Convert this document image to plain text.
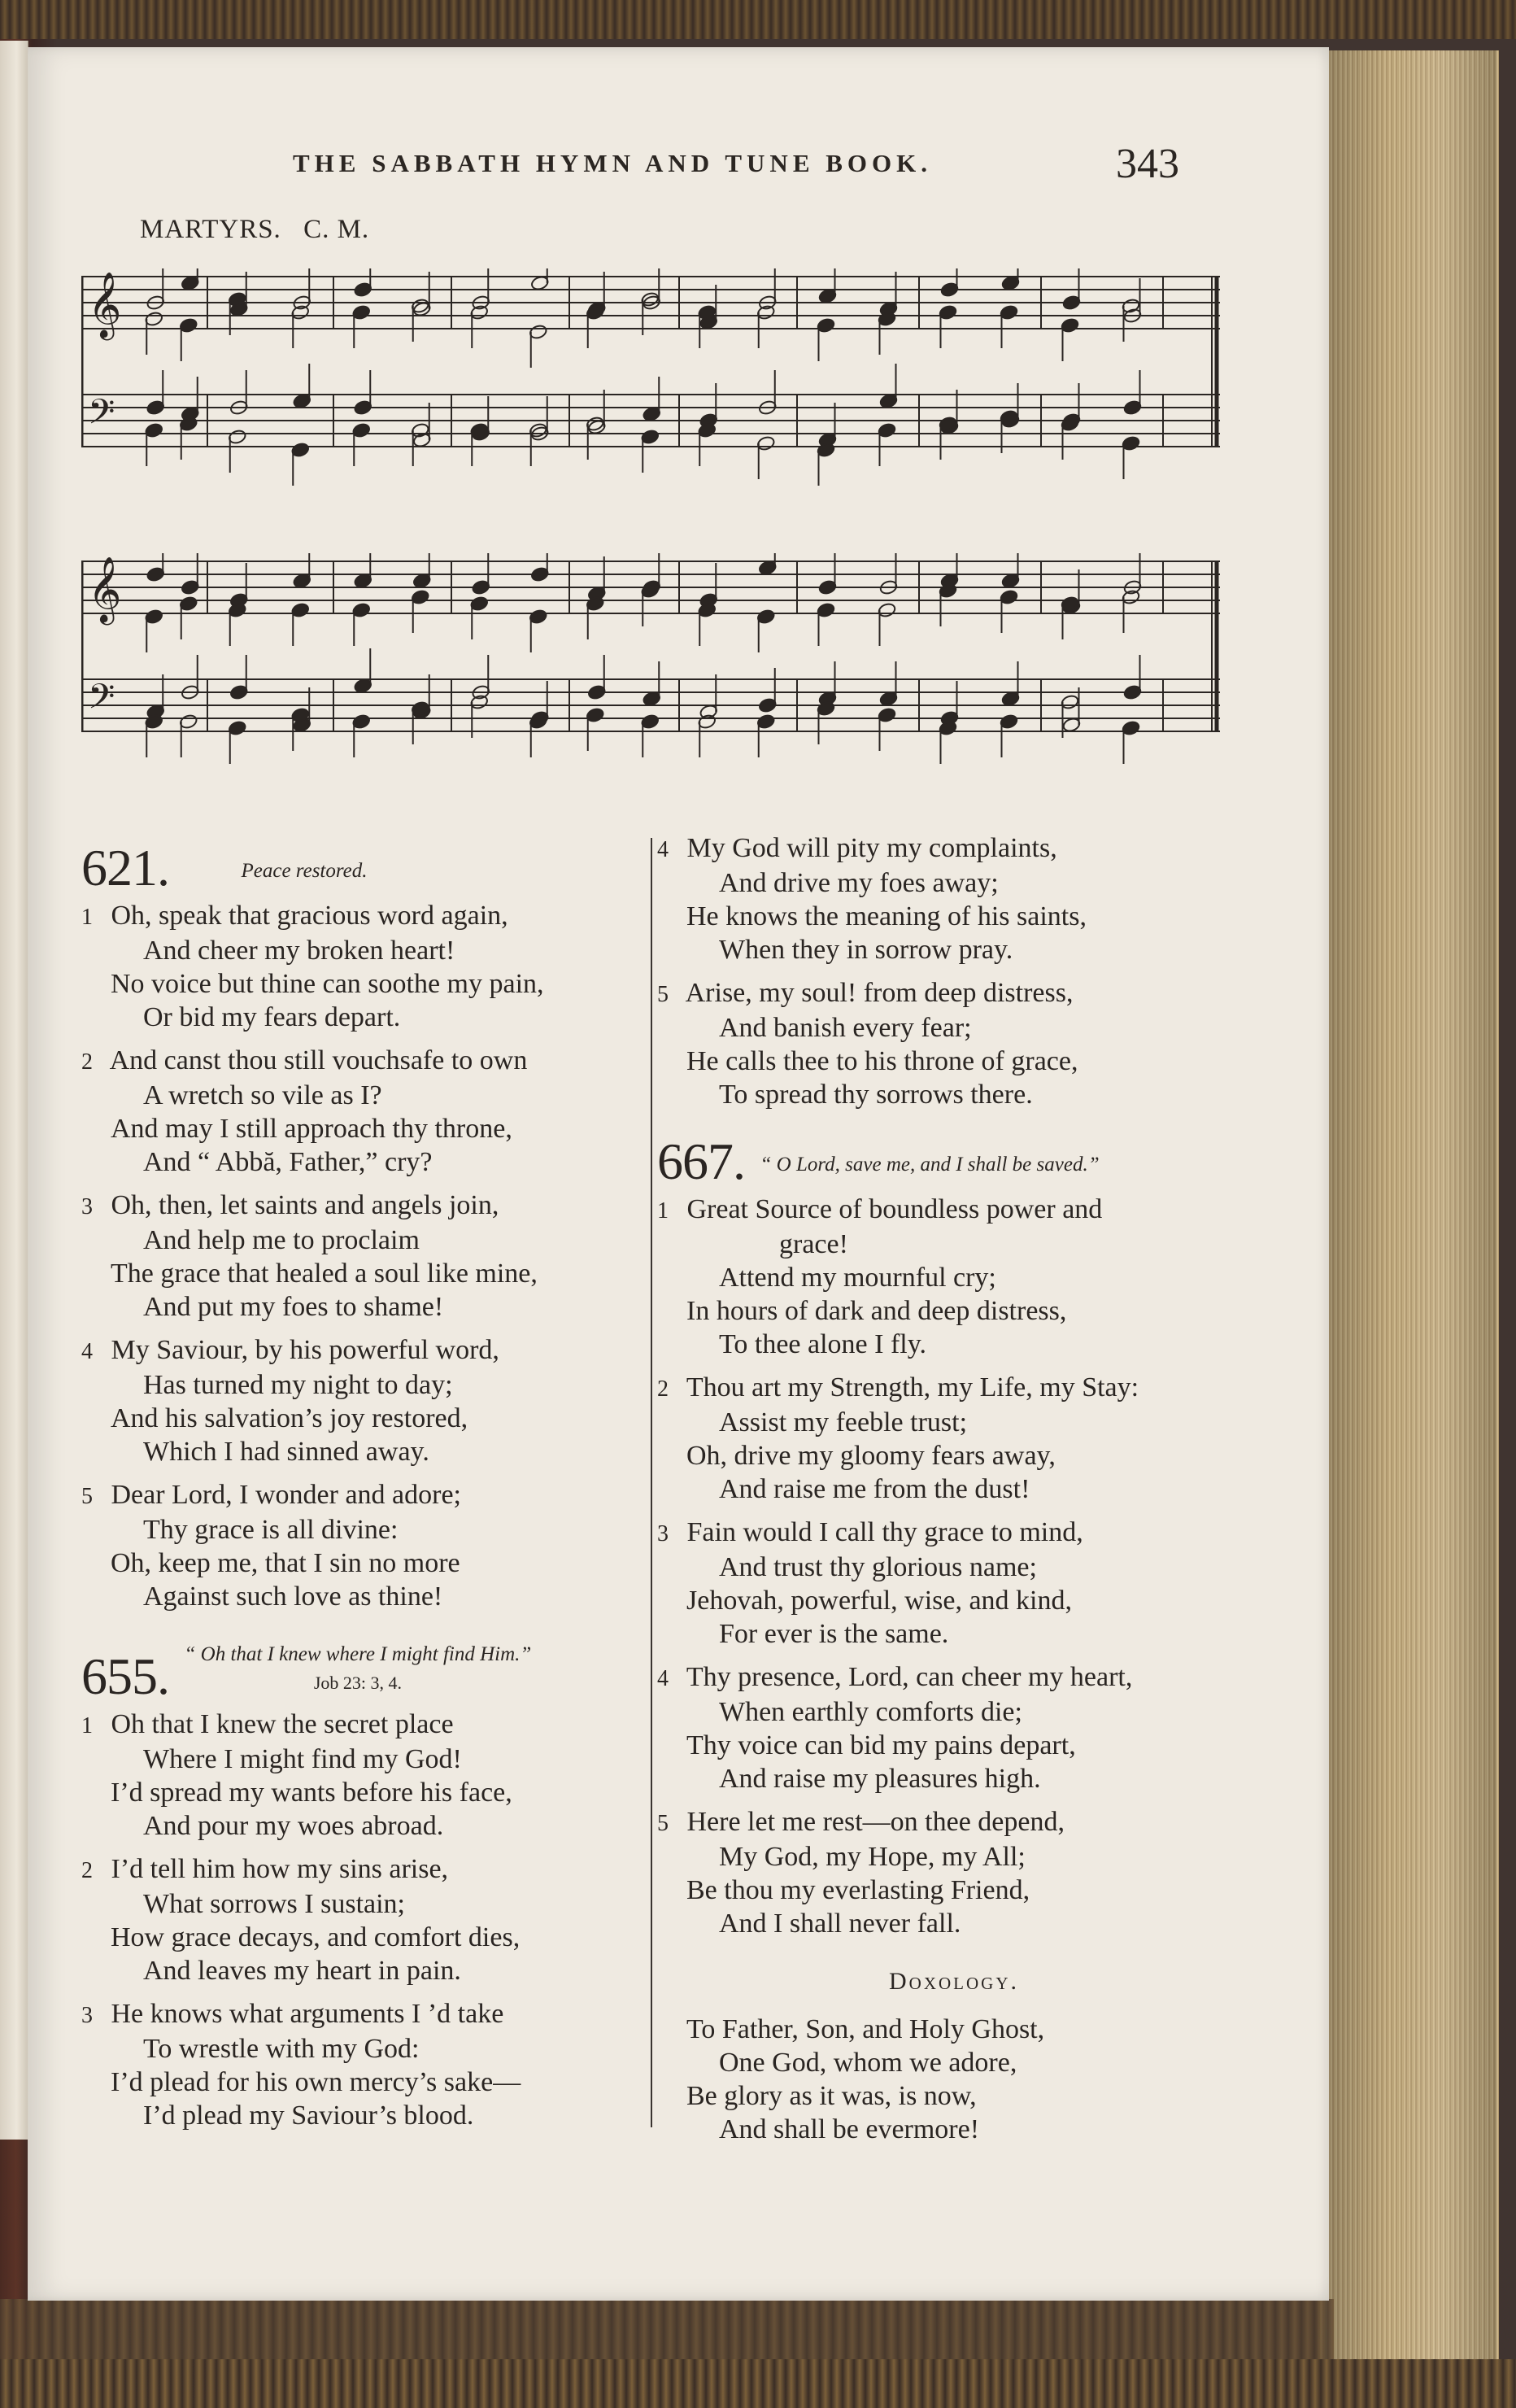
THE SABBATH HYMN AND TUNE BOOK.	343
MARTYRS. C. M.
𝄞
𝄢
𝄞
𝄢
621.	Peace restored.
1 Oh, speak that gracious word again,
And cheer my broken heart!
No voice but thine can soothe my pain,
Or bid my fears depart.
2 And canst thou still vouchsafe to own
A wretch so vile as I?
And may I still approach thy throne,
And “ Abbă, Father,” cry?
3 Oh, then, let saints and angels join,
And help me to proclaim
The grace that healed a soul like mine,
And put my foes to shame!
4 My Saviour, by his powerful word,
Has turned my night to day;
And his salvation’s joy restored,
Which I had sinned away.
5 Dear Lord, I wonder and adore;
Thy grace is all divine:
Oh, keep me, that I sin no more
Against such love as thine!
655. “ Oh that I knew where I might find Him.”
Job 23: 3, 4.
1 Oh that I knew the secret place
Where I might find my God!
I’d spread my wants before his face,
And pour my woes abroad.
2 I’d tell him how my sins arise,
What sorrows I sustain;
How grace decays, and comfort dies,
And leaves my heart in pain.
3 He knows what arguments I ’d take
To wrestle with my God:
I’d plead for his own mercy’s sake—
I’d plead my Saviour’s blood.
4 My God will pity my complaints,
And drive my foes away;
He knows the meaning of his saints,
When they in sorrow pray.
5 Arise, my soul! from deep distress,
And banish every fear;
He calls thee to his throne of grace,
To spread thy sorrows there.
667. “ O Lord, save me, and I shall be saved.”
1 Great Source of boundless power and
grace!
Attend my mournful cry;
In hours of dark and deep distress,
To thee alone I fly.
2 Thou art my Strength, my Life, my Stay:
Assist my feeble trust;
Oh, drive my gloomy fears away,
And raise me from the dust!
3 Fain would I call thy grace to mind,
And trust thy glorious name;
Jehovah, powerful, wise, and kind,
For ever is the same.
4 Thy presence, Lord, can cheer my heart,
When earthly comforts die;
Thy voice can bid my pains depart,
And raise my pleasures high.
5 Here let me rest—on thee depend,
My God, my Hope, my All;
Be thou my everlasting Friend,
And I shall never fall.
Doxology.
To Father, Son, and Holy Ghost,
One God, whom we adore,
Be glory as it was, is now,
And shall be evermore!
